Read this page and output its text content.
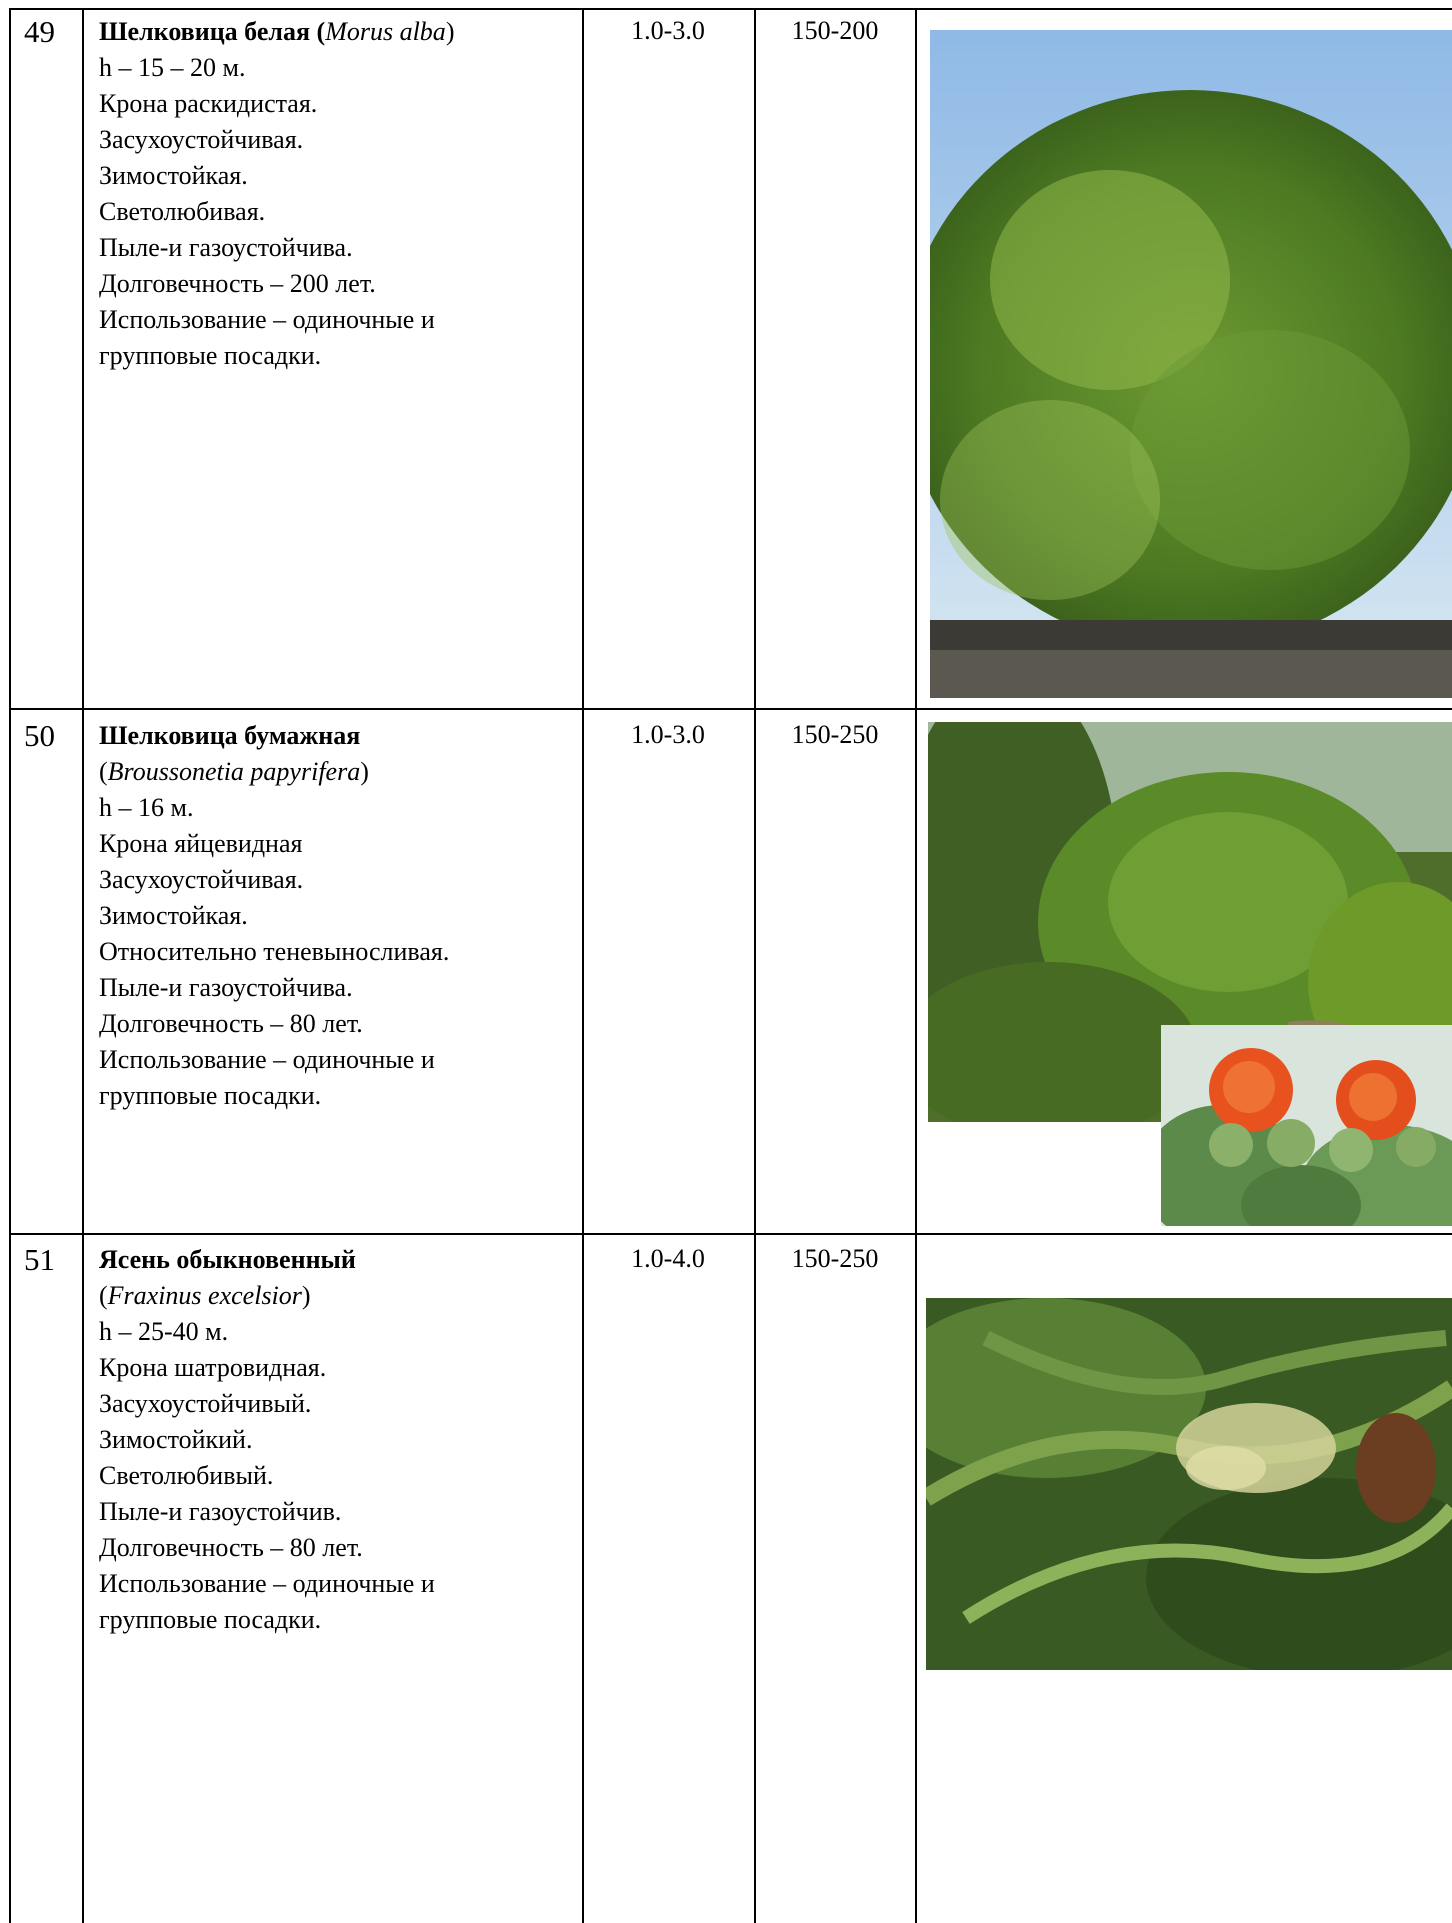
49 Шелковица белая (Morus alba)
h – 15 – 20 м.
Крона раскидистая.
Засухоустойчивая.
Зимостойкая.
Светолюбивая.
Пыле-и газоустойчива.
Долговечность – 200 лет.
Использование – одиночные и
групповые посадки.
1.0-3.0	150-200
50 Шелковица бумажная
(Broussonetia papyrifera)
h – 16 м.
Крона яйцевидная
Засухоустойчивая.
Зимостойкая.
Относительно теневыносливая.
Пыле-и газоустойчива.
Долговечность – 80 лет.
Использование – одиночные и
групповые посадки.
1.0-3.0	150-250
51 Ясень обыкновенный
(Fraxinus excelsior)
h – 25-40 м.
Крона шатровидная.
Засухоустойчивый.
Зимостойкий.
Светолюбивый.
Пыле-и газоустойчив.
Долговечность – 80 лет.
Использование – одиночные и
групповые посадки.
1.0-4.0	150-250
